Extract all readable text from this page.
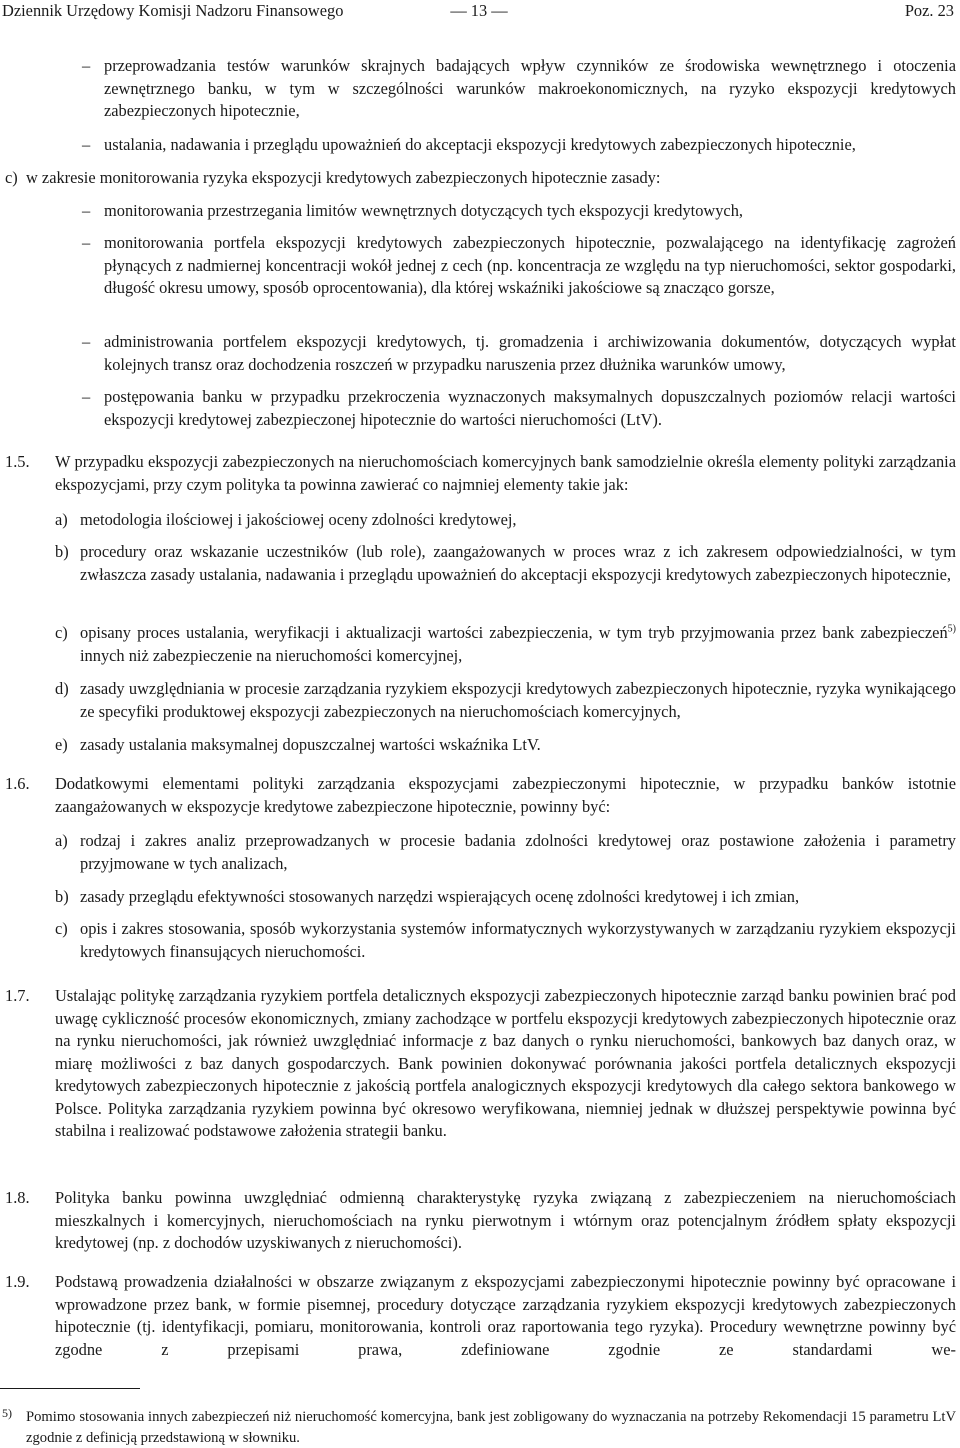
Dziennik Urzędowy Komisji Nadzoru Finansowego	— 13 —	Poz. 23
– przeprowadzania testów warunków skrajnych badających wpływ czynników ze środowiska wewnętrznego i otoczenia zewnętrznego banku, w tym w szczególności warunków makroekonomicznych, na ryzyko ekspozycji kredytowych zabezpieczonych hipotecznie,
– ustalania, nadawania i przeglądu upoważnień do akceptacji ekspozycji kredytowych zabezpieczonych hipotecznie,
c) w zakresie monitorowania ryzyka ekspozycji kredytowych zabezpieczonych hipotecznie zasady:
– monitorowania przestrzegania limitów wewnętrznych dotyczących tych ekspozycji kredytowych,
– monitorowania portfela ekspozycji kredytowych zabezpieczonych hipotecznie, pozwalającego na identyfikację zagrożeń płynących z nadmiernej koncentracji wokół jednej z cech (np. koncentracja ze względu na typ nieruchomości, sektor gospodarki, długość okresu umowy, sposób oprocentowania), dla której wskaźniki jakościowe są znacząco gorsze,
– administrowania portfelem ekspozycji kredytowych, tj. gromadzenia i archiwizowania dokumentów, dotyczących wypłat kolejnych transz oraz dochodzenia roszczeń w przypadku naruszenia przez dłużnika warunków umowy,
– postępowania banku w przypadku przekroczenia wyznaczonych maksymalnych dopuszczalnych poziomów relacji wartości ekspozycji kredytowej zabezpieczonej hipotecznie do wartości nieruchomości (LtV).
1.5. W przypadku ekspozycji zabezpieczonych na nieruchomościach komercyjnych bank samodzielnie określa elementy polityki zarządzania ekspozycjami, przy czym polityka ta powinna zawierać co najmniej elementy takie jak:
a) metodologia ilościowej i jakościowej oceny zdolności kredytowej,
b) procedury oraz wskazanie uczestników (lub role), zaangażowanych w proces wraz z ich zakresem odpowiedzialności, w tym zwłaszcza zasady ustalania, nadawania i przeglądu upoważnień do akceptacji ekspozycji kredytowych zabezpieczonych hipotecznie,
c) opisany proces ustalania, weryfikacji i aktualizacji wartości zabezpieczenia, w tym tryb przyjmowania przez bank zabezpieczeń$^{5)}$ innych niż zabezpieczenie na nieruchomości komercyjnej,
d) zasady uwzględniania w procesie zarządzania ryzykiem ekspozycji kredytowych zabezpieczonych hipotecznie, ryzyka wynikającego ze specyfiki produktowej ekspozycji zabezpieczonych na nieruchomościach komercyjnych,
e) zasady ustalania maksymalnej dopuszczalnej wartości wskaźnika LtV.
1.6. Dodatkowymi elementami polityki zarządzania ekspozycjami zabezpieczonymi hipotecznie, w przypadku banków istotnie zaangażowanych w ekspozycje kredytowe zabezpieczone hipotecznie, powinny być:
a) rodzaj i zakres analiz przeprowadzanych w procesie badania zdolności kredytowej oraz postawione założenia i parametry przyjmowane w tych analizach,
b) zasady przeglądu efektywności stosowanych narzędzi wspierających ocenę zdolności kredytowej i ich zmian,
c) opis i zakres stosowania, sposób wykorzystania systemów informatycznych wykorzystywanych w zarządzaniu ryzykiem ekspozycji kredytowych finansujących nieruchomości.
1.7. Ustalając politykę zarządzania ryzykiem portfela detalicznych ekspozycji zabezpieczonych hipotecznie zarząd banku powinien brać pod uwagę cykliczność procesów ekonomicznych, zmiany zachodzące w portfelu ekspozycji kredytowych zabezpieczonych hipotecznie oraz na rynku nieruchomości, jak również uwzględniać informacje z baz danych o rynku nieruchomości, bankowych baz danych oraz, w miarę możliwości z baz danych gospodarczych. Bank powinien dokonywać porównania jakości portfela detalicznych ekspozycji kredytowych zabezpieczonych hipotecznie z jakością portfela analogicznych ekspozycji kredytowych dla całego sektora bankowego w Polsce. Polityka zarządzania ryzykiem powinna być okresowo weryfikowana, niemniej jednak w dłuższej perspektywie powinna być stabilna i realizować podstawowe założenia strategii banku.
1.8. Polityka banku powinna uwzględniać odmienną charakterystykę ryzyka związaną z zabezpieczeniem na nieruchomościach mieszkalnych i komercyjnych, nieruchomościach na rynku pierwotnym i wtórnym oraz potencjalnym źródłem spłaty ekspozycji kredytowej (np. z dochodów uzyskiwanych z nieruchomości).
1.9. Podstawą prowadzenia działalności w obszarze związanym z ekspozycjami zabezpieczonymi hipotecznie powinny być opracowane i wprowadzone przez bank, w formie pisemnej, procedury dotyczące zarządzania ryzykiem ekspozycji kredytowych zabezpieczonych hipotecznie (tj. identyfikacji, pomiaru, monitorowania, kontroli oraz raportowania tego ryzyka). Procedury wewnętrzne powinny być zgodne z przepisami prawa, zdefiniowane zgodnie ze standardami we-
5) Pomimo stosowania innych zabezpieczeń niż nieruchomość komercyjna, bank jest zobligowany do wyznaczania na potrzeby Rekomendacji 15 parametru LtV zgodnie z definicją przedstawioną w słowniku.
